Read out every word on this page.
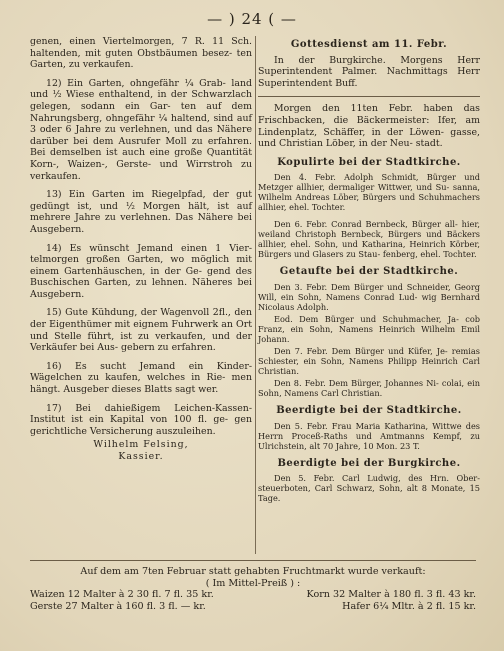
— ) 24 ( —

genen, einen Viertelmorgen, 7 R. 11 Sch. haltenden, mit guten Obstbäumen besez- ten Garten, zu verkaufen.

12) Ein Garten, ohngefähr ¼ Grab- land und ½ Wiese enthaltend, in der Schwarzlach gelegen, sodann ein Gar- ten auf dem Nahrungsberg, ohngefähr ¼ haltend, sind auf 3 oder 6 Jahre zu verlehnen, und das Nähere darüber bei dem Ausrufer Moll zu erfahren. Bei demselben ist auch eine große Quantität Korn-, Waizen-, Gerste- und Wirrstroh zu verkaufen.

13) Ein Garten im Riegelpfad, der gut gedüngt ist, und ½ Morgen hält, ist auf mehrere Jahre zu verlehnen. Das Nähere bei Ausgebern.

14) Es wünscht Jemand einen 1 Vier- telmorgen großen Garten, wo möglich mit einem Gartenhäuschen, in der Ge- gend des Buschischen Garten, zu lehnen. Näheres bei Ausgebern.

15) Gute Kühdung, der Wagenvoll 2fl., den der Eigenthümer mit eignem Fuhrwerk an Ort und Stelle führt, ist zu verkaufen, und der Verkäufer bei Aus- gebern zu erfahren.

16) Es sucht Jemand ein Kinder- Wägelchen zu kaufen, welches in Rie- men hängt. Ausgeber dieses Blatts sagt wer.

17) Bei dahießigem Leichen-Kassen- Institut ist ein Kapital von 100 fl. ge- gen gerichtliche Versicherung auszuleihen.

Wilhelm Felsing,

Kassier.

Gottesdienst am 11. Febr.

In der Burgkirche. Morgens Herr Superintendent Palmer. Nachmittags Herr Superintendent Buff.

Morgen den 11ten Febr. haben das Frischbacken, die Bäckermeister: Ifer, am Lindenplatz, Schäffer, in der Löwen- gasse, und Christian Löber, in der Neu- stadt.

Kopulirte bei der Stadtkirche.

Den 4. Febr. Adolph Schmidt, Bürger und Metzger allhier, dermaliger Wittwer, und Su- sanna, Wilhelm Andreas Löber, Bürgers und Schuhmachers allhier, ehel. Tochter.

Den 6. Febr. Conrad Bernbeck, Bürger all- hier, weiland Christoph Bernbeck, Bürgers und Bäckers allhier, ehel. Sohn, und Katharina, Heinrich Körber, Bürgers und Glasers zu Stau- fenberg, ehel. Tochter.

Getaufte bei der Stadtkirche.

Den 3. Febr. Dem Bürger und Schneider, Georg Will, ein Sohn, Namens Conrad Lud- wig Bernhard Nicolaus Adolph.

Eod. Dem Bürger und Schuhmacher, Ja- cob Franz, ein Sohn, Namens Heinrich Wilhelm Emil Johann.

Den 7. Febr. Dem Bürger und Küfer, Je- remias Schiester, ein Sohn, Namens Philipp Heinrich Carl Christian.

Den 8. Febr. Dem Bürger, Johannes Ni- colai, ein Sohn, Namens Carl Christian.

Beerdigte bei der Stadtkirche.

Den 5. Febr. Frau Maria Katharina, Wittwe des Herrn Proceß-Raths und Amtmanns Kempf, zu Ulrichstein, alt 70 Jahre, 10 Mon. 23 T.

Beerdigte bei der Burgkirche.

Den 5. Febr. Carl Ludwig, des Hrn. Ober- steuerboten, Carl Schwarz, Sohn, alt 8 Monate, 15 Tage.

Auf dem am 7ten Februar statt gehabten Fruchtmarkt wurde verkauft:
( Im Mittel-Preiß ) :
Waizen 12 Malter à 2 30 fl. 7 fl. 35 kr.	Korn 32 Malter à 180 fl. 3 fl. 43 kr.
Gerste 27 Malter à 160 fl. 3 fl. — kr.	Hafer 6¼ Mltr. à 2 fl. 15 kr.
